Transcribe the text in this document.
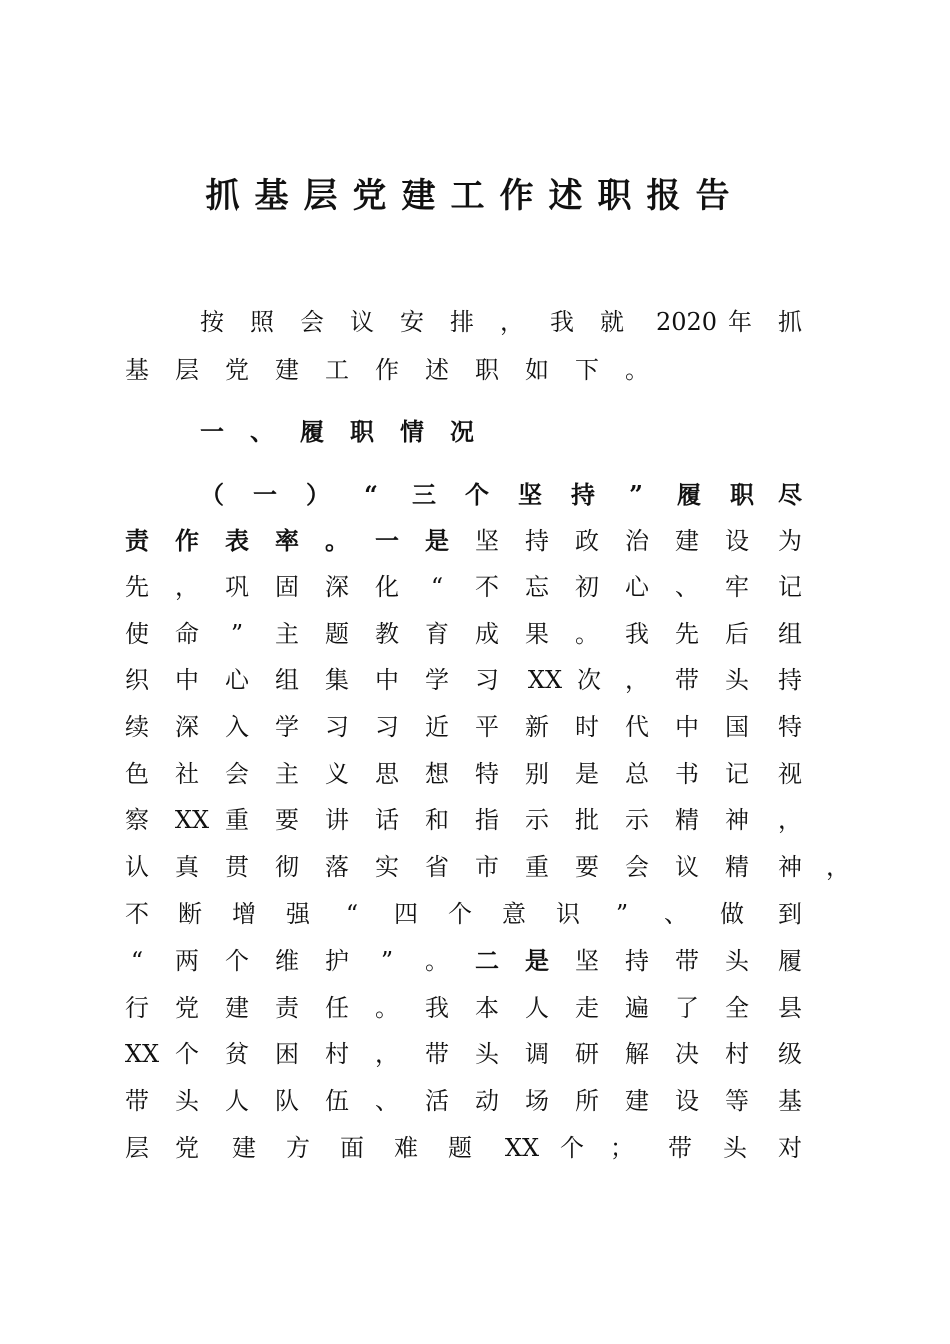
抓基层党建工作述职报告
按	照	会	议	安	排	，	我	就	2020 年	抓
基	层	党	建	工	作	述	职	如	下	。
一	、	履	职	情	况
（	一	）	“	三	个	坚	持	”	履	职	尽
责	作	表	率	。	一	是	坚	持	政	治	建	设	为
先	，	巩	固	深	化	“	不	忘	初	心	、	牢	记
使	命	”	主	题	教	育	成	果	。	我	先	后	组
织	中	心	组	集	中	学	习	XX 次	，	带	头	持
续	深	入	学	习	习	近	平	新	时	代	中	国	特
色	社	会	主	义	思	想	特	别	是	总	书	记	视
察	XX 重	要	讲	话	和	指	示	批	示	精	神	，
认	真	贯	彻	落	实	省	市	重	要	会	议	精	神	，
不	断	增	强	“	四	个	意	识	”	、	做	到
“	两	个	维	护	”	。	二	是	坚	持	带	头	履
行	党	建	责	任	。	我	本	人	走	遍	了	全	县
XX 个	贫	困	村	，	带	头	调	研	解	决	村	级
带	头	人	队	伍	、	活	动	场	所	建	设	等	基
层	党	建	方	面	难	题	XX 个	；	带	头	对
